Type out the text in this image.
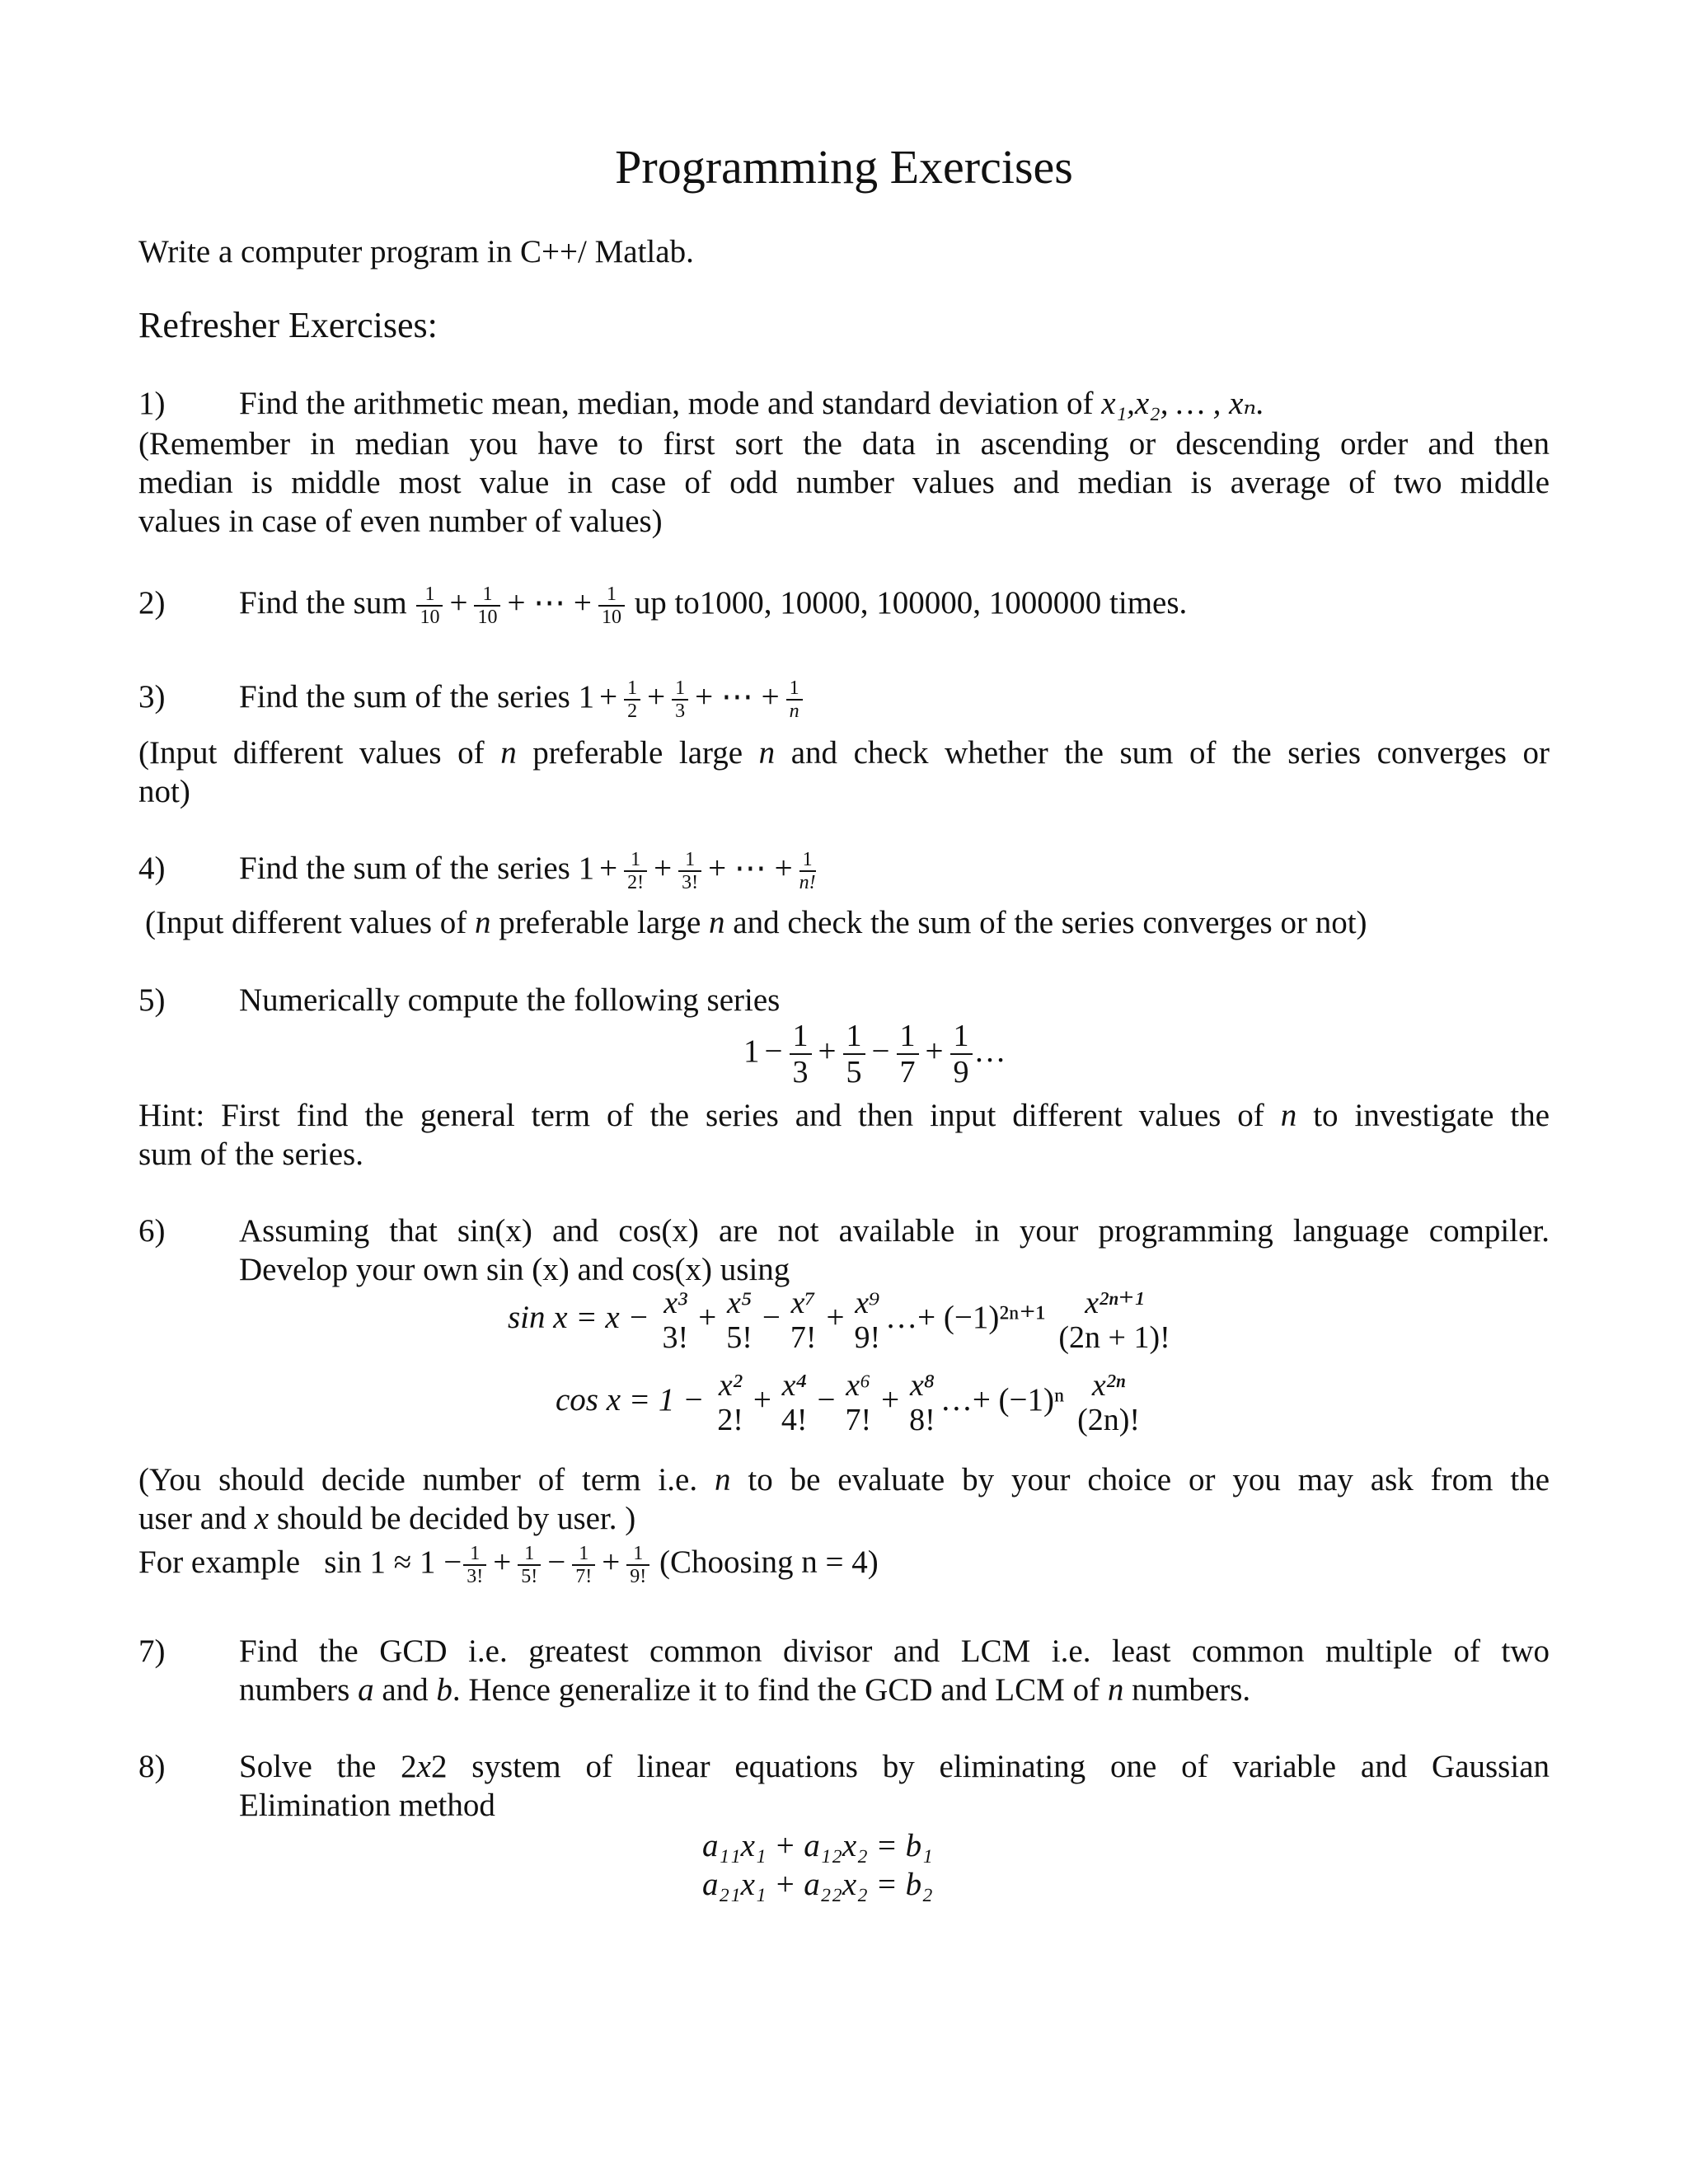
Programming Exercises
Write a computer program in C++/ Matlab.
Refresher Exercises:
1) Find the arithmetic mean, median, mode and standard deviation of x₁,x₂, … , xₙ.
(Remember in median you have to first sort the data in ascending or descending order and then
median is middle most value in case of odd number values and median is average of two middle
values in case of even number of values)
2) Find the sum $\frac{1}{10} + \frac{1}{10}$ + ⋯ + $\frac{1}{10}$ up to1000, 10000, 100000, 1000000 times.
3) Find the sum of the series $1 + \frac{1}{2} + \frac{1}{3}$ + ⋯ + $\frac{1}{n}$
(Input different values of n preferable large n and check whether the sum of the series converges or
not)
4) Find the sum of the series $1 + \frac{1}{2!} + \frac{1}{3!}$ + ⋯ + $\frac{1}{n!}$
(Input different values of n preferable large n and check the sum of the series converges or not)
5) Numerically compute the following series
$1 - \frac{1}{3} + \frac{1}{5} - \frac{1}{7} + \frac{1}{9}$ …
Hint: First find the general term of the series and then input different values of n to investigate the
sum of the series.
6)	Assuming that sin(x) and cos(x) are not available in your programming language compiler.
Develop your own sin (x) and cos(x) using
sin x = x − x³
3!
+ x⁵
5!
− x⁷
7!
+ x⁹
9!
…+ (−1)²ⁿ⁺¹	x²ⁿ⁺¹
(2n + 1)!
cos x = 1 − x²
2!
+ x⁴
4!
− x⁶
7!
+ x⁸
8!
…+ (−1)ⁿ x²ⁿ
(2n)!
(You should decide number of term i.e. n to be evaluate by your choice or you may ask from the
user and x should be decided by user. )
For example $\sin 1 \approx 1 - \frac{1}{3!} + \frac{1}{5!} - \frac{1}{7!} + \frac{1}{9!}$ (Choosing n = 4)
7)	Find the GCD i.e. greatest common divisor and LCM i.e. least common multiple of two
numbers a and b. Hence generalize it to find the GCD and LCM of n numbers.
8)	Solve the 2x2 system of linear equations by eliminating one of variable and Gaussian
Elimination method
a₁₁x₁ + a₁₂x₂ = b₁
a₂₁x₁ + a₂₂x₂ = b₂
